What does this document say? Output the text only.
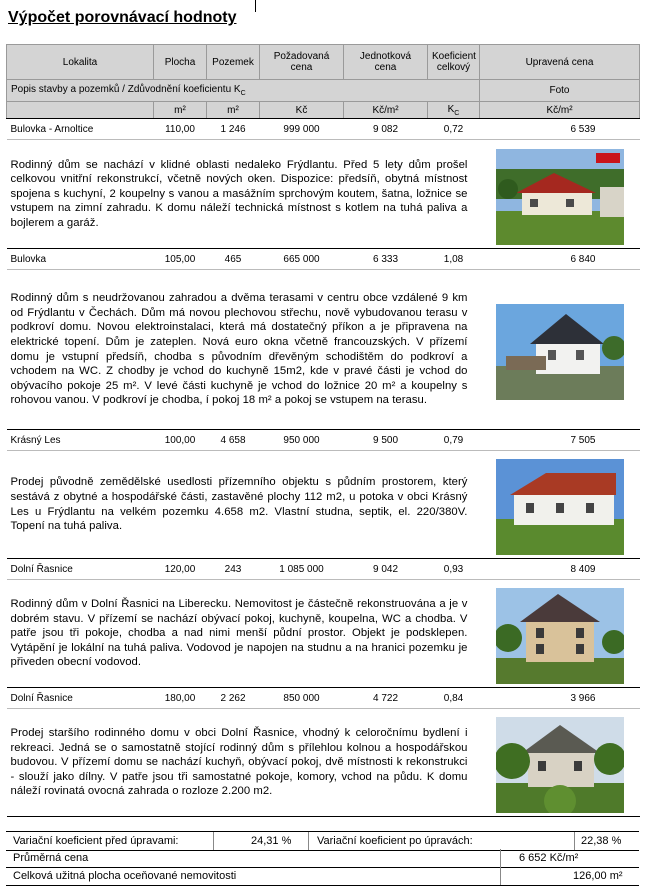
Výpočet porovnávací hodnoty
Lokalita	Plocha	Pozemek	Požadovaná cena	Jednotková cena	Koeficient celkový	Upravená cena
Popis stavby a pozemků / Zdůvodnění koeficientu $K_C$						Foto
	m²	m²	Kč	Kč/m²	$K_C$	Kč/m²
Bulovka - Arnoltice	110,00	1 246	999 000	9 082	0,72	6 539
Rodinný dům se nachází v klidné oblasti nedaleko Frýdlantu. Před 5 lety dům prošel celkovou vnitřní rekonstrukcí, včetně nových oken. Dispozice: předsíň, obytná místnost spojena s kuchyní, 2 koupelny s vanou a masážním sprchovým koutem, šatna, ložnice se vstupem na zimní zahradu. K domu náleží technická místnost s kotlem na tuhá paliva a bojlerem a garáž.	

Bulovka	105,00	465	665 000	6 333	1,08	6 840
Rodinný dům s neudržovanou zahradou a dvěma terasami v centru obce vzdálené 9 km od Frýdlantu v Čechách. Dům má novou plechovou střechu, nově vybudovanou terasu v podkroví domu. Novou elektroinstalaci, která má dostatečný příkon a je připravena na elektrické topení. Dům je zateplen. Nová euro okna včetně francouzských. V přízemí domu je vstupní předsíň, chodba s původním dřevěným schodištěm do podkroví a vchodem na WC. Z chodby je vchod do kuchyně 15m2, kde v pravé části je vchod do obývacího pokoje 25 m². V levé části kuchyně je vchod do ložnice 20 m² a koupelny s rohovou vanou. V podkroví je chodba, í pokoj 18 m² a pokoj se vstupem na terasu.	

Krásný Les	100,00	4 658	950 000	9 500	0,79	7 505
Prodej původně zemědělské usedlosti přízemního objektu s půdním prostorem, který sestává z obytné a hospodářské části, zastavěné plochy 112 m2, u potoka v obci Krásný Les u Frýdlantu na velkém pozemku 4.658 m2. Vlastní studna, septik, el. 220/380V. Topení na tuhá paliva.	

Dolní Řasnice	120,00	243	1 085 000	9 042	0,93	8 409
Rodinný dům v Dolní Řasnici na Liberecku. Nemovitost je částečně rekonstruována a je v dobrém stavu. V přízemí se nachází obývací pokoj, kuchyně, koupelna, WC a chodba. V patře jsou tři pokoje, chodba a nad nimi menší půdní prostor. Objekt je podsklepen. Vytápění je lokální na tuhá paliva. Vodovod je napojen na studnu a na hranici pozemku je přiveden obecní vodovod.	

Dolní Řasnice	180,00	2 262	850 000	4 722	0,84	3 966
Prodej staršího rodinného domu v obci Dolní Řasnice, vhodný k celoročnímu bydlení i rekreaci. Jedná se o samostatně stojící rodinný dům s přílehlou kolnou a hospodářskou budovou. V přízemí domu se nachází kuchyň, obývací pokoj, dvě místnosti k rekonstrukci - slouží jako dílny. V patře jsou tři samostatné pokoje, komory, vchod na půdu. K domu náleží rovinatá ovocná zahrada o rozloze 2.200 m2.	
Variační koeficient před úpravami:	24,31 % Variační koeficient po úpravách:	22,38 %
Průměrná cena	6 652 Kč/m²
Celková užitná plocha oceňované nemovitosti	126,00 m²
